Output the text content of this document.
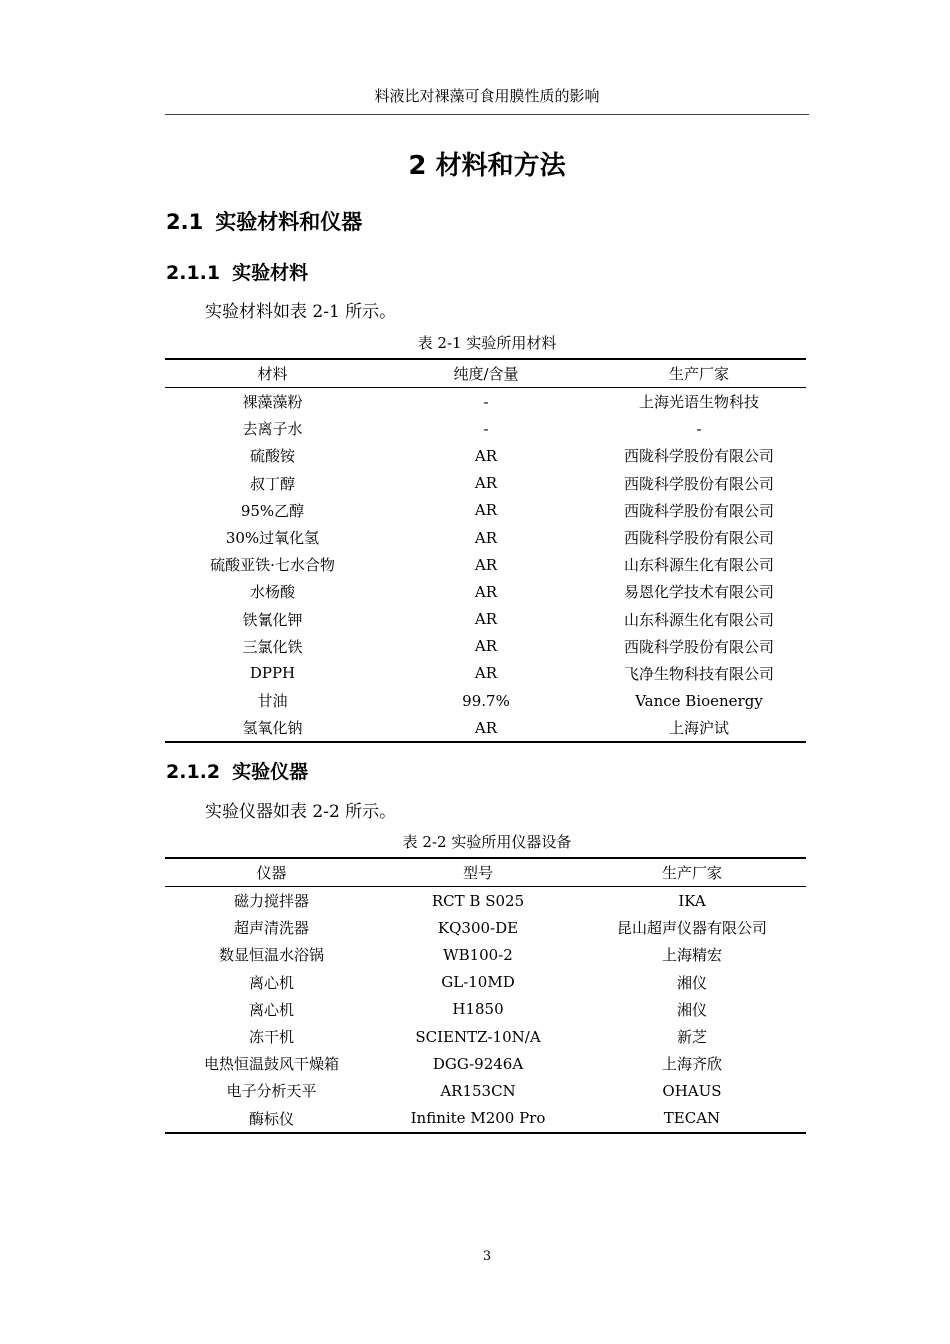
料液比对裸藻可食用膜性质的影响
2 材料和方法
2.1 实验材料和仪器
2.1.1 实验材料
实验材料如表 2-1 所示。
表 2-1 实验所用材料
材料	纯度/含量	生产厂家
裸藻藻粉	-	上海光语生物科技
去离子水	-	-
硫酸铵	AR	西陇科学股份有限公司
叔丁醇	AR	西陇科学股份有限公司
95%乙醇	AR	西陇科学股份有限公司
30%过氧化氢	AR	西陇科学股份有限公司
硫酸亚铁·七水合物	AR	山东科源生化有限公司
水杨酸	AR	易恩化学技术有限公司
铁氰化钾	AR	山东科源生化有限公司
三氯化铁	AR	西陇科学股份有限公司
DPPH	AR	飞净生物科技有限公司
甘油	99.7%	Vance Bioenergy
氢氧化钠	AR	上海沪试
2.1.2 实验仪器
实验仪器如表 2-2 所示。
表 2-2 实验所用仪器设备
仪器	型号	生产厂家
磁力搅拌器	RCT B S025	IKA
超声清洗器	KQ300-DE	昆山超声仪器有限公司
数显恒温水浴锅	WB100-2	上海精宏
离心机	GL-10MD	湘仪
离心机	H1850	湘仪
冻干机	SCIENTZ-10N/A	新芝
电热恒温鼓风干燥箱	DGG-9246A	上海齐欣
电子分析天平	AR153CN	OHAUS
酶标仪	Infinite M200 Pro	TECAN
3
